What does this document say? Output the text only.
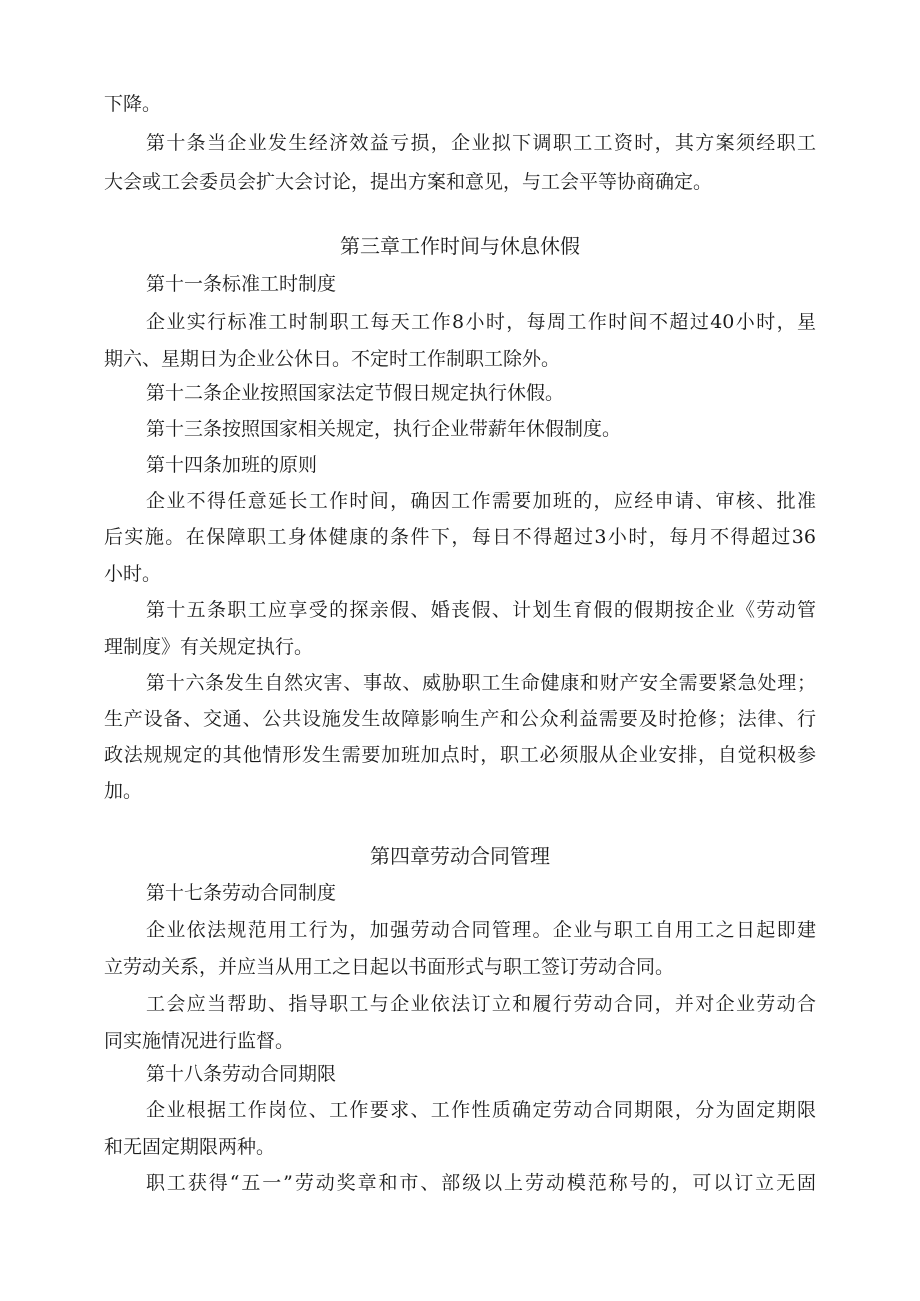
下降。
第十条当企业发生经济效益亏损，企业拟下调职工工资时，其方案须经职工
大会或工会委员会扩大会讨论，提出方案和意见，与工会平等协商确定。
第三章工作时间与休息休假
第十一条标准工时制度
企业实行标准工时制职工每天工作8小时，每周工作时间不超过40小时，星
期六、星期日为企业公休日。不定时工作制职工除外。
第十二条企业按照国家法定节假日规定执行休假。
第十三条按照国家相关规定，执行企业带薪年休假制度。
第十四条加班的原则
企业不得任意延长工作时间，确因工作需要加班的，应经申请、审核、批准
后实施。在保障职工身体健康的条件下，每日不得超过3小时，每月不得超过36
小时。
第十五条职工应享受的探亲假、婚丧假、计划生育假的假期按企业《劳动管
理制度》有关规定执行。
第十六条发生自然灾害、事故、威胁职工生命健康和财产安全需要紧急处理；
生产设备、交通、公共设施发生故障影响生产和公众利益需要及时抢修；法律、行
政法规规定的其他情形发生需要加班加点时，职工必须服从企业安排，自觉积极参
加。
第四章劳动合同管理
第十七条劳动合同制度
企业依法规范用工行为，加强劳动合同管理。企业与职工自用工之日起即建
立劳动关系，并应当从用工之日起以书面形式与职工签订劳动合同。
工会应当帮助、指导职工与企业依法订立和履行劳动合同，并对企业劳动合
同实施情况进行监督。
第十八条劳动合同期限
企业根据工作岗位、工作要求、工作性质确定劳动合同期限，分为固定期限
和无固定期限两种。
职工获得“五一”劳动奖章和市、部级以上劳动模范称号的，可以订立无固
